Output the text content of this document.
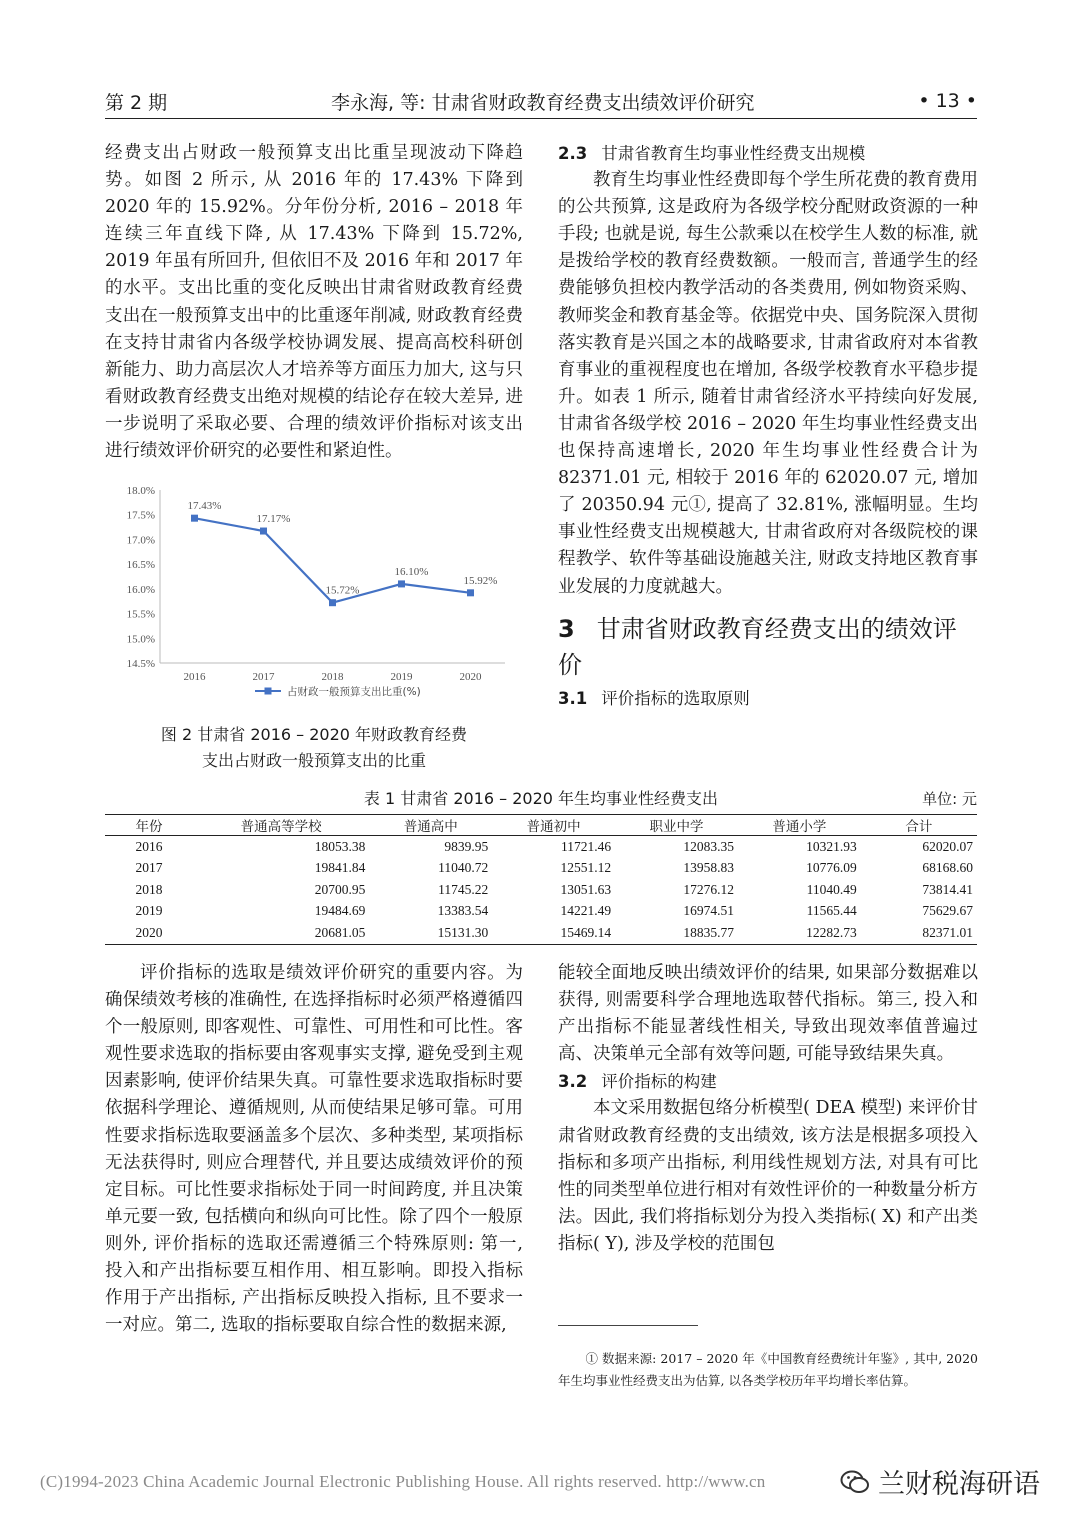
第 2 期	李永海, 等: 甘肃省财政教育经费支出绩效评价研究	• 13 •

经费支出占财政一般预算支出比重呈现波动下降趋势。如图 2 所示, 从 2016 年的 17.43% 下降到 2020 年的 15.92%。分年份分析, 2016 – 2018 年连续三年直线下降, 从 17.43% 下降到 15.72%, 2019 年虽有所回升, 但依旧不及 2016 年和 2017 年的水平。支出比重的变化反映出甘肃省财政教育经费支出在一般预算支出中的比重逐年削减, 财政教育经费在支持甘肃省内各级学校协调发展、提高高校科研创新能力、助力高层次人才培养等方面压力加大, 这与只看财政教育经费支出绝对规模的结论存在较大差异, 进一步说明了采取必要、合理的绩效评价指标对该支出进行绩效评价研究的必要性和紧迫性。

18.0%
17.5%
17.0%
16.5%
16.0%
15.5%
15.0%
14.5%
2016	2017	2018	2019	2020
17.43%
17.17%
15.72%
16.10%
15.92%
占财政一般预算支出比重(%)
图 2 甘肃省 2016 – 2020 年财政教育经费
支出占财政一般预算支出的比重
2.3 甘肃省教育生均事业性经费支出规模

教育生均事业性经费即每个学生所花费的教育费用的公共预算, 这是政府为各级学校分配财政资源的一种手段; 也就是说, 每生公款乘以在校学生人数的标准, 就是拨给学校的教育经费数额。一般而言, 普通学生的经费能够负担校内教学活动的各类费用, 例如物资采购、教师奖金和教育基金等。依据党中央、国务院深入贯彻落实教育是兴国之本的战略要求, 甘肃省政府对本省教育事业的重视程度也在增加, 各级学校教育水平稳步提升。如表 1 所示, 随着甘肃省经济水平持续向好发展, 甘肃省各级学校 2016 – 2020 年生均事业性经费支出也保持高速增长, 2020 年生均事业性经费合计为 82371.01 元, 相较于 2016 年的 62020.07 元, 增加了 20350.94 元①, 提高了 32.81%, 涨幅明显。生均事业性经费支出规模越大, 甘肃省政府对各级院校的课程教学、软件等基础设施越关注, 财政支持地区教育事业发展的力度就越大。

3 甘肃省财政教育经费支出的绩效评价
3.1 评价指标的选取原则
表 1 甘肃省 2016 – 2020 年生均事业性经费支出	单位: 元
年份	普通高等学校	普通高中	普通初中	职业中学	普通小学	合计
2016	18053.38	9839.95	11721.46	12083.35	10321.93	62020.07
2017	19841.84	11040.72	12551.12	13958.83	10776.09	68168.60
2018	20700.95	11745.22	13051.63	17276.12	11040.49	73814.41
2019	19484.69	13383.54	14221.49	16974.51	11565.44	75629.67
2020	20681.05	15131.30	15469.14	18835.77	12282.73	82371.01

评价指标的选取是绩效评价研究的重要内容。为确保绩效考核的准确性, 在选择指标时必须严格遵循四个一般原则, 即客观性、可靠性、可用性和可比性。客观性要求选取的指标要由客观事实支撑, 避免受到主观因素影响, 使评价结果失真。可靠性要求选取指标时要依据科学理论、遵循规则, 从而使结果足够可靠。可用性要求指标选取要涵盖多个层次、多种类型, 某项指标无法获得时, 则应合理替代, 并且要达成绩效评价的预定目标。可比性要求指标处于同一时间跨度, 并且决策单元要一致, 包括横向和纵向可比性。除了四个一般原则外, 评价指标的选取还需遵循三个特殊原则: 第一, 投入和产出指标要互相作用、相互影响。即投入指标作用于产出指标, 产出指标反映投入指标, 且不要求一一对应。第二, 选取的指标要取自综合性的数据来源,

能较全面地反映出绩效评价的结果, 如果部分数据难以获得, 则需要科学合理地选取替代指标。第三, 投入和产出指标不能显著线性相关, 导致出现效率值普遍过高、决策单元全部有效等问题, 可能导致结果失真。

3.2 评价指标的构建

本文采用数据包络分析模型( DEA 模型) 来评价甘肃省财政教育经费的支出绩效, 该方法是根据多项投入指标和多项产出指标, 利用线性规划方法, 对具有可比性的同类型单位进行相对有效性评价的一种数量分析方法。因此, 我们将指标划分为投入类指标( X) 和产出类指标( Y), 涉及学校的范围包

① 数据来源: 2017 – 2020 年《中国教育经费统计年鉴》, 其中, 2020 年生均事业性经费支出为估算, 以各类学校历年平均增长率估算。
(C)1994-2023 China Academic Journal Electronic Publishing House. All rights reserved. http://www.cn	兰财税海研语
